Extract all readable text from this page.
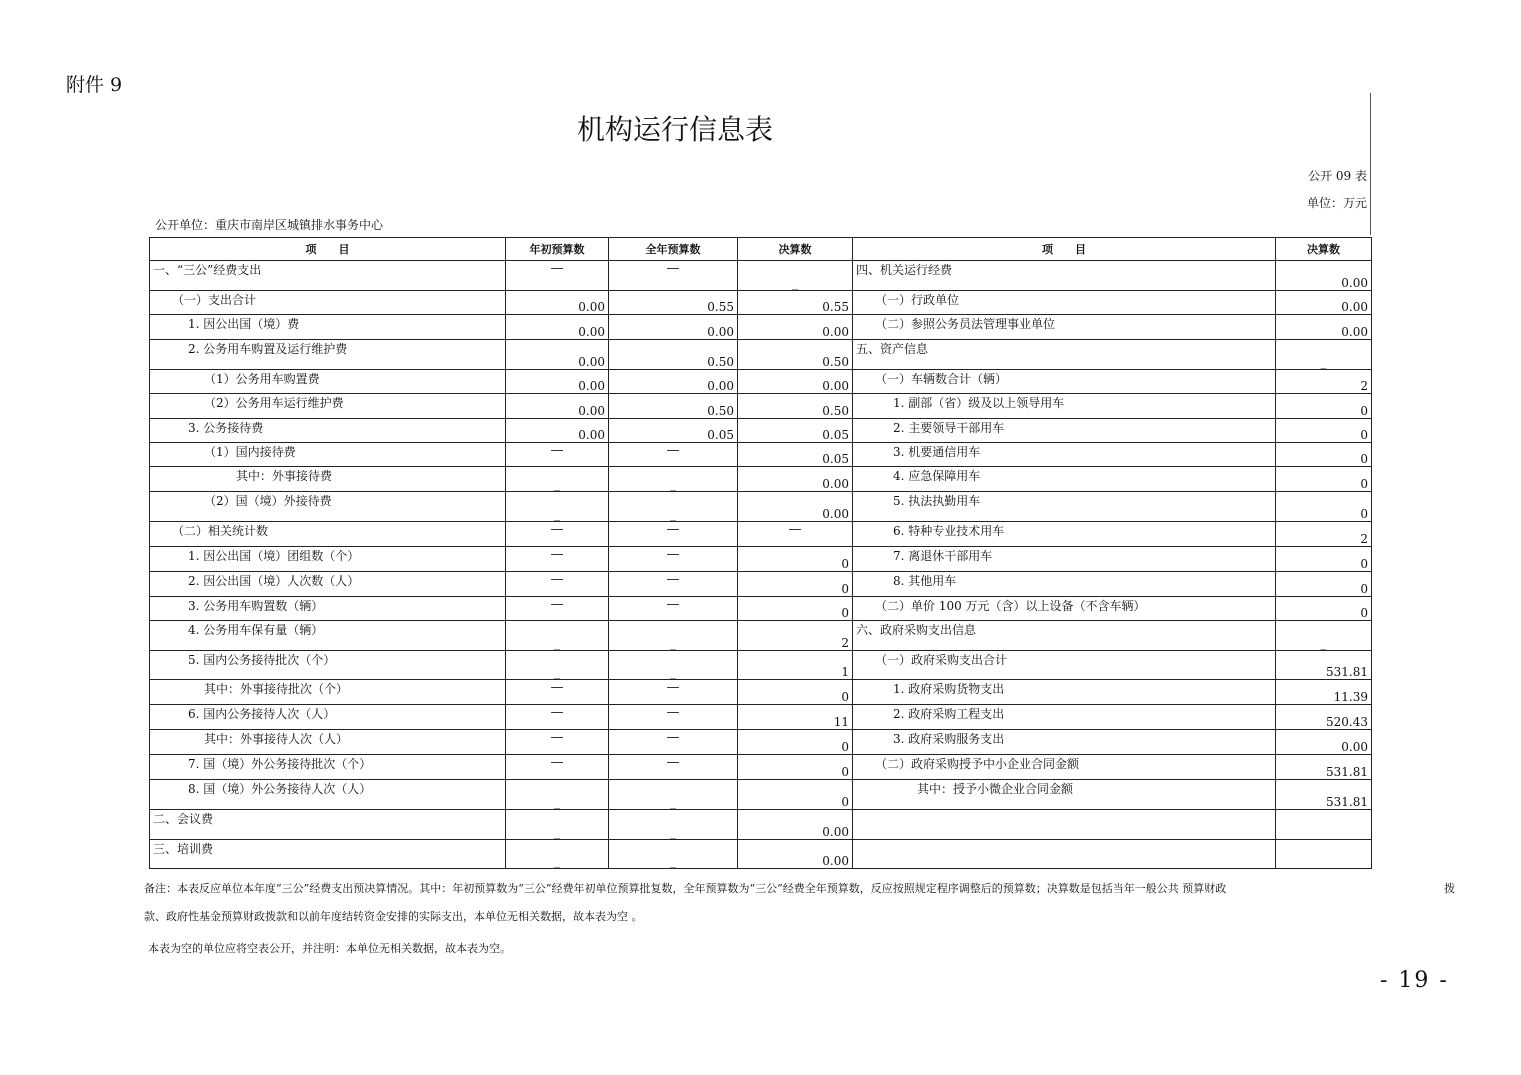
附件 9
机构运行信息表
公开 09 表
单位：万元
公开单位：重庆市南岸区城镇排水事务中心
项　　目	年初预算数	全年预算数	决算数	项　　目	决算数
一、“三公”经费支出	—	—	_	四、机关运行经费	0.00
（一）支出合计	0.00	0.55	0.55	（一）行政单位	0.00
1. 因公出国（境）费	0.00	0.00	0.00	（二）参照公务员法管理事业单位	0.00
2. 公务用车购置及运行维护费	0.00	0.50	0.50	五、资产信息	_
（1）公务用车购置费	0.00	0.00	0.00	（一）车辆数合计（辆）	2
（2）公务用车运行维护费	0.00	0.50	0.50	1. 副部（省）级及以上领导用车	0
3. 公务接待费	0.00	0.05	0.05	2. 主要领导干部用车	0
（1）国内接待费	—	—	0.05	3. 机要通信用车	0
其中：外事接待费	_	_	0.00	4. 应急保障用车	0
（2）国（境）外接待费	_	_	0.00	5. 执法执勤用车	0
（二）相关统计数	—	—	—	6. 特种专业技术用车	2
1. 因公出国（境）团组数（个）	—	—	0	7. 离退休干部用车	0
2. 因公出国（境）人次数（人）	—	—	0	8. 其他用车	0
3. 公务用车购置数（辆）	—	—	0	（二）单价 100 万元（含）以上设备（不含车辆）	0
4. 公务用车保有量（辆）	_	_	2	六、政府采购支出信息	_
5. 国内公务接待批次（个）	_	_	1	（一）政府采购支出合计	531.81
其中：外事接待批次（个）	—	—	0	1. 政府采购货物支出	11.39
6. 国内公务接待人次（人）	—	—	11	2. 政府采购工程支出	520.43
其中：外事接待人次（人）	—	—	0	3. 政府采购服务支出	0.00
7. 国（境）外公务接待批次（个）	—	—	0	（二）政府采购授予中小企业合同金额	531.81
8. 国（境）外公务接待人次（人）	_	_	0	其中：授予小微企业合同金额	531.81
二、会议费	_	_	0.00		
三、培训费	_	_	0.00		
备注：本表反应单位本年度“三公”经费支出预决算情况。其中：年初预算数为“三公”经费年初单位预算批复数，全年预算数为“三公”经费全年预算数，反应按照规定程序调整后的预算数；决算数是包括当年一般公共 预算财政	拨
款、政府性基金预算财政拨款和以前年度结转资金安排的实际支出，本单位无相关数据，故本表为空 。
本表为空的单位应将空表公开，并注明：本单位无相关数据，故本表为空。
- 19 -
